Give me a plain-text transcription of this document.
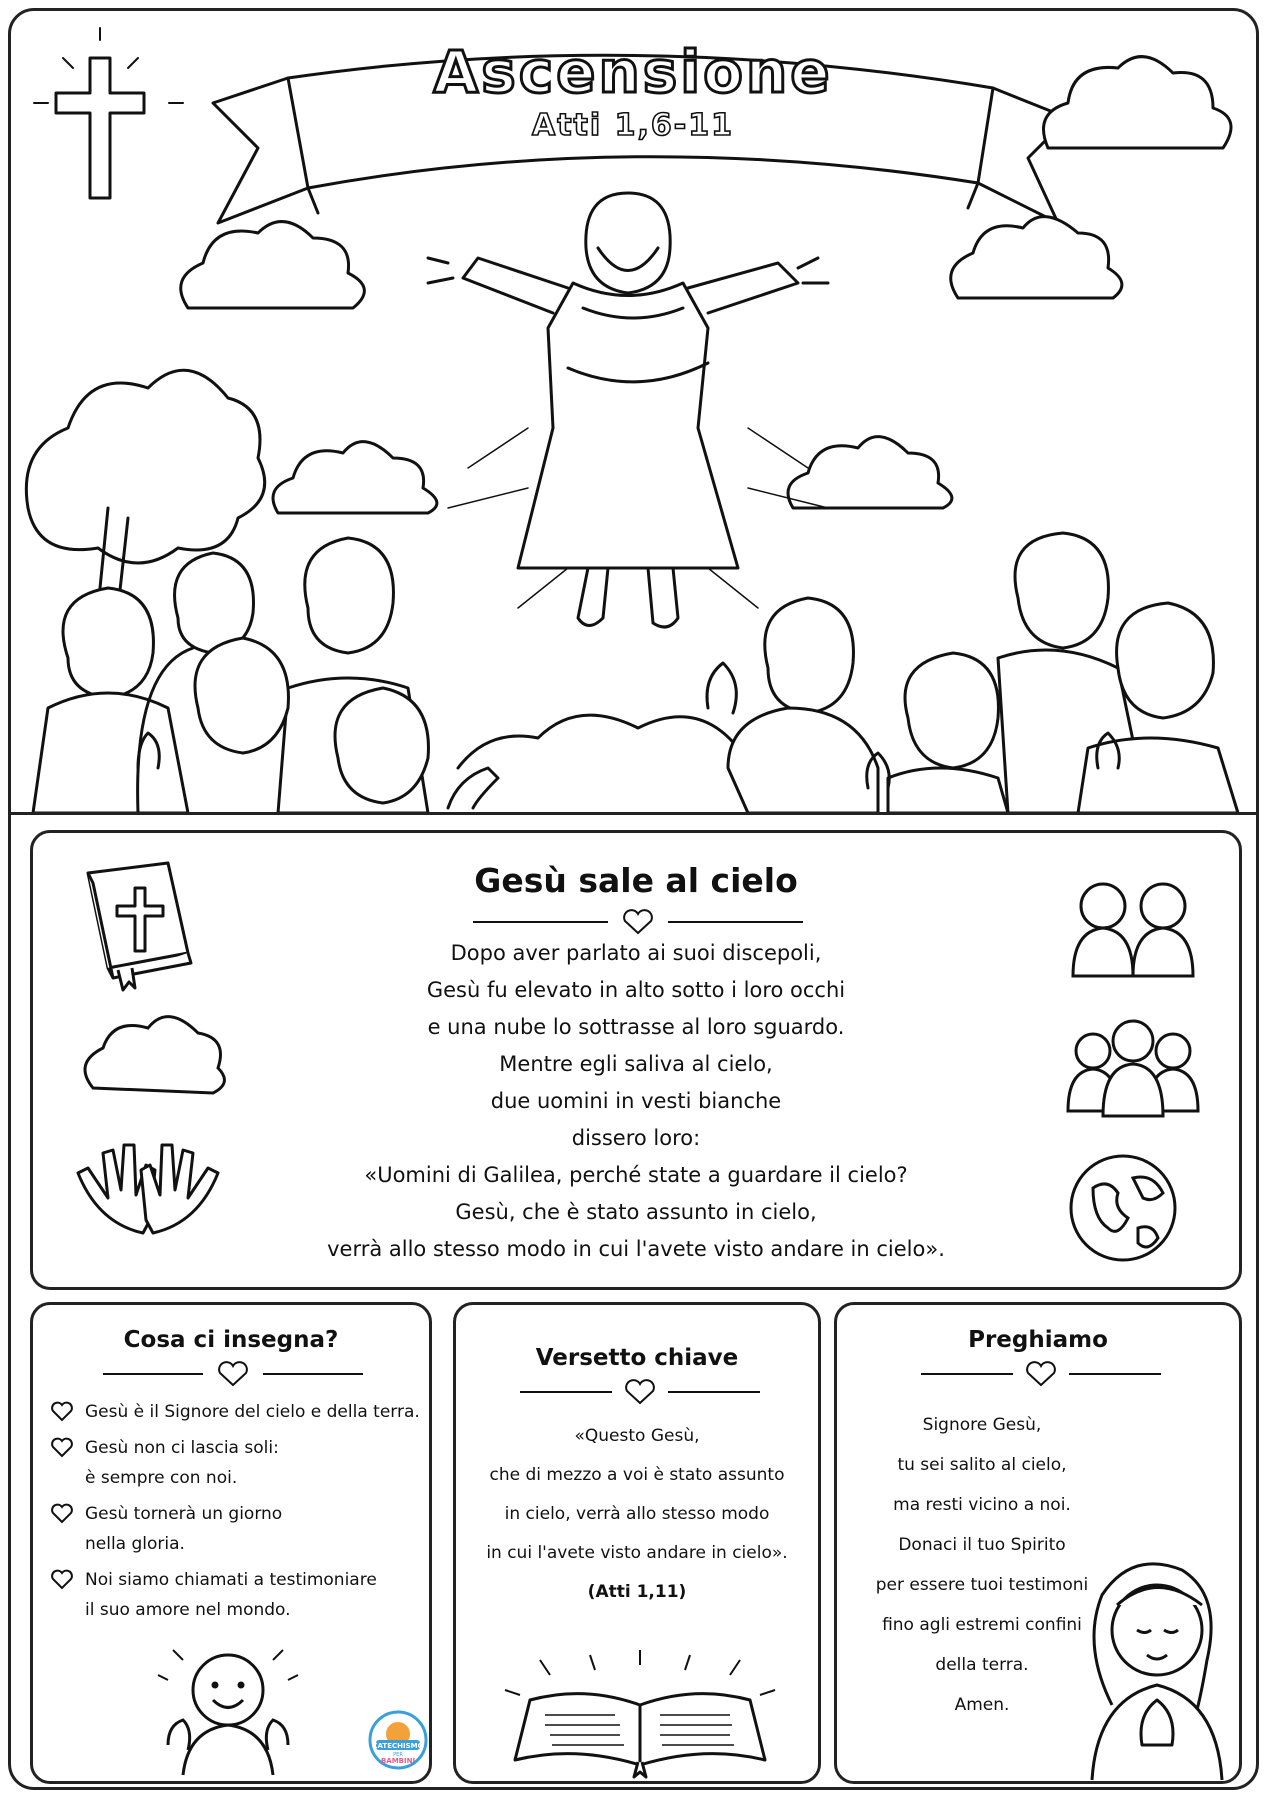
Ascensione
Atti 1,6-11
Gesù sale al cielo
Dopo aver parlato ai suoi discepoli,
Gesù fu elevato in alto sotto i loro occhi
e una nube lo sottrasse al loro sguardo.
Mentre egli saliva al cielo,
due uomini in vesti bianche
dissero loro:
«Uomini di Galilea, perché state a guardare il cielo?
Gesù, che è stato assunto in cielo,
verrà allo stesso modo in cui l'avete visto andare in cielo».
Cosa ci insegna?
Gesù è il Signore del cielo e della terra.
Gesù non ci lascia soli:
è sempre con noi.
Gesù tornerà un giorno
nella gloria.
Noi siamo chiamati a testimoniare
il suo amore nel mondo.
CATECHISMO
PER
BAMBINI
Versetto chiave
«Questo Gesù,
che di mezzo a voi è stato assunto
in cielo, verrà allo stesso modo
in cui l'avete visto andare in cielo».
(Atti 1,11)
Preghiamo
Signore Gesù,
tu sei salito al cielo,
ma resti vicino a noi.
Donaci il tuo Spirito
per essere tuoi testimoni
fino agli estremi confini
della terra.
Amen.
